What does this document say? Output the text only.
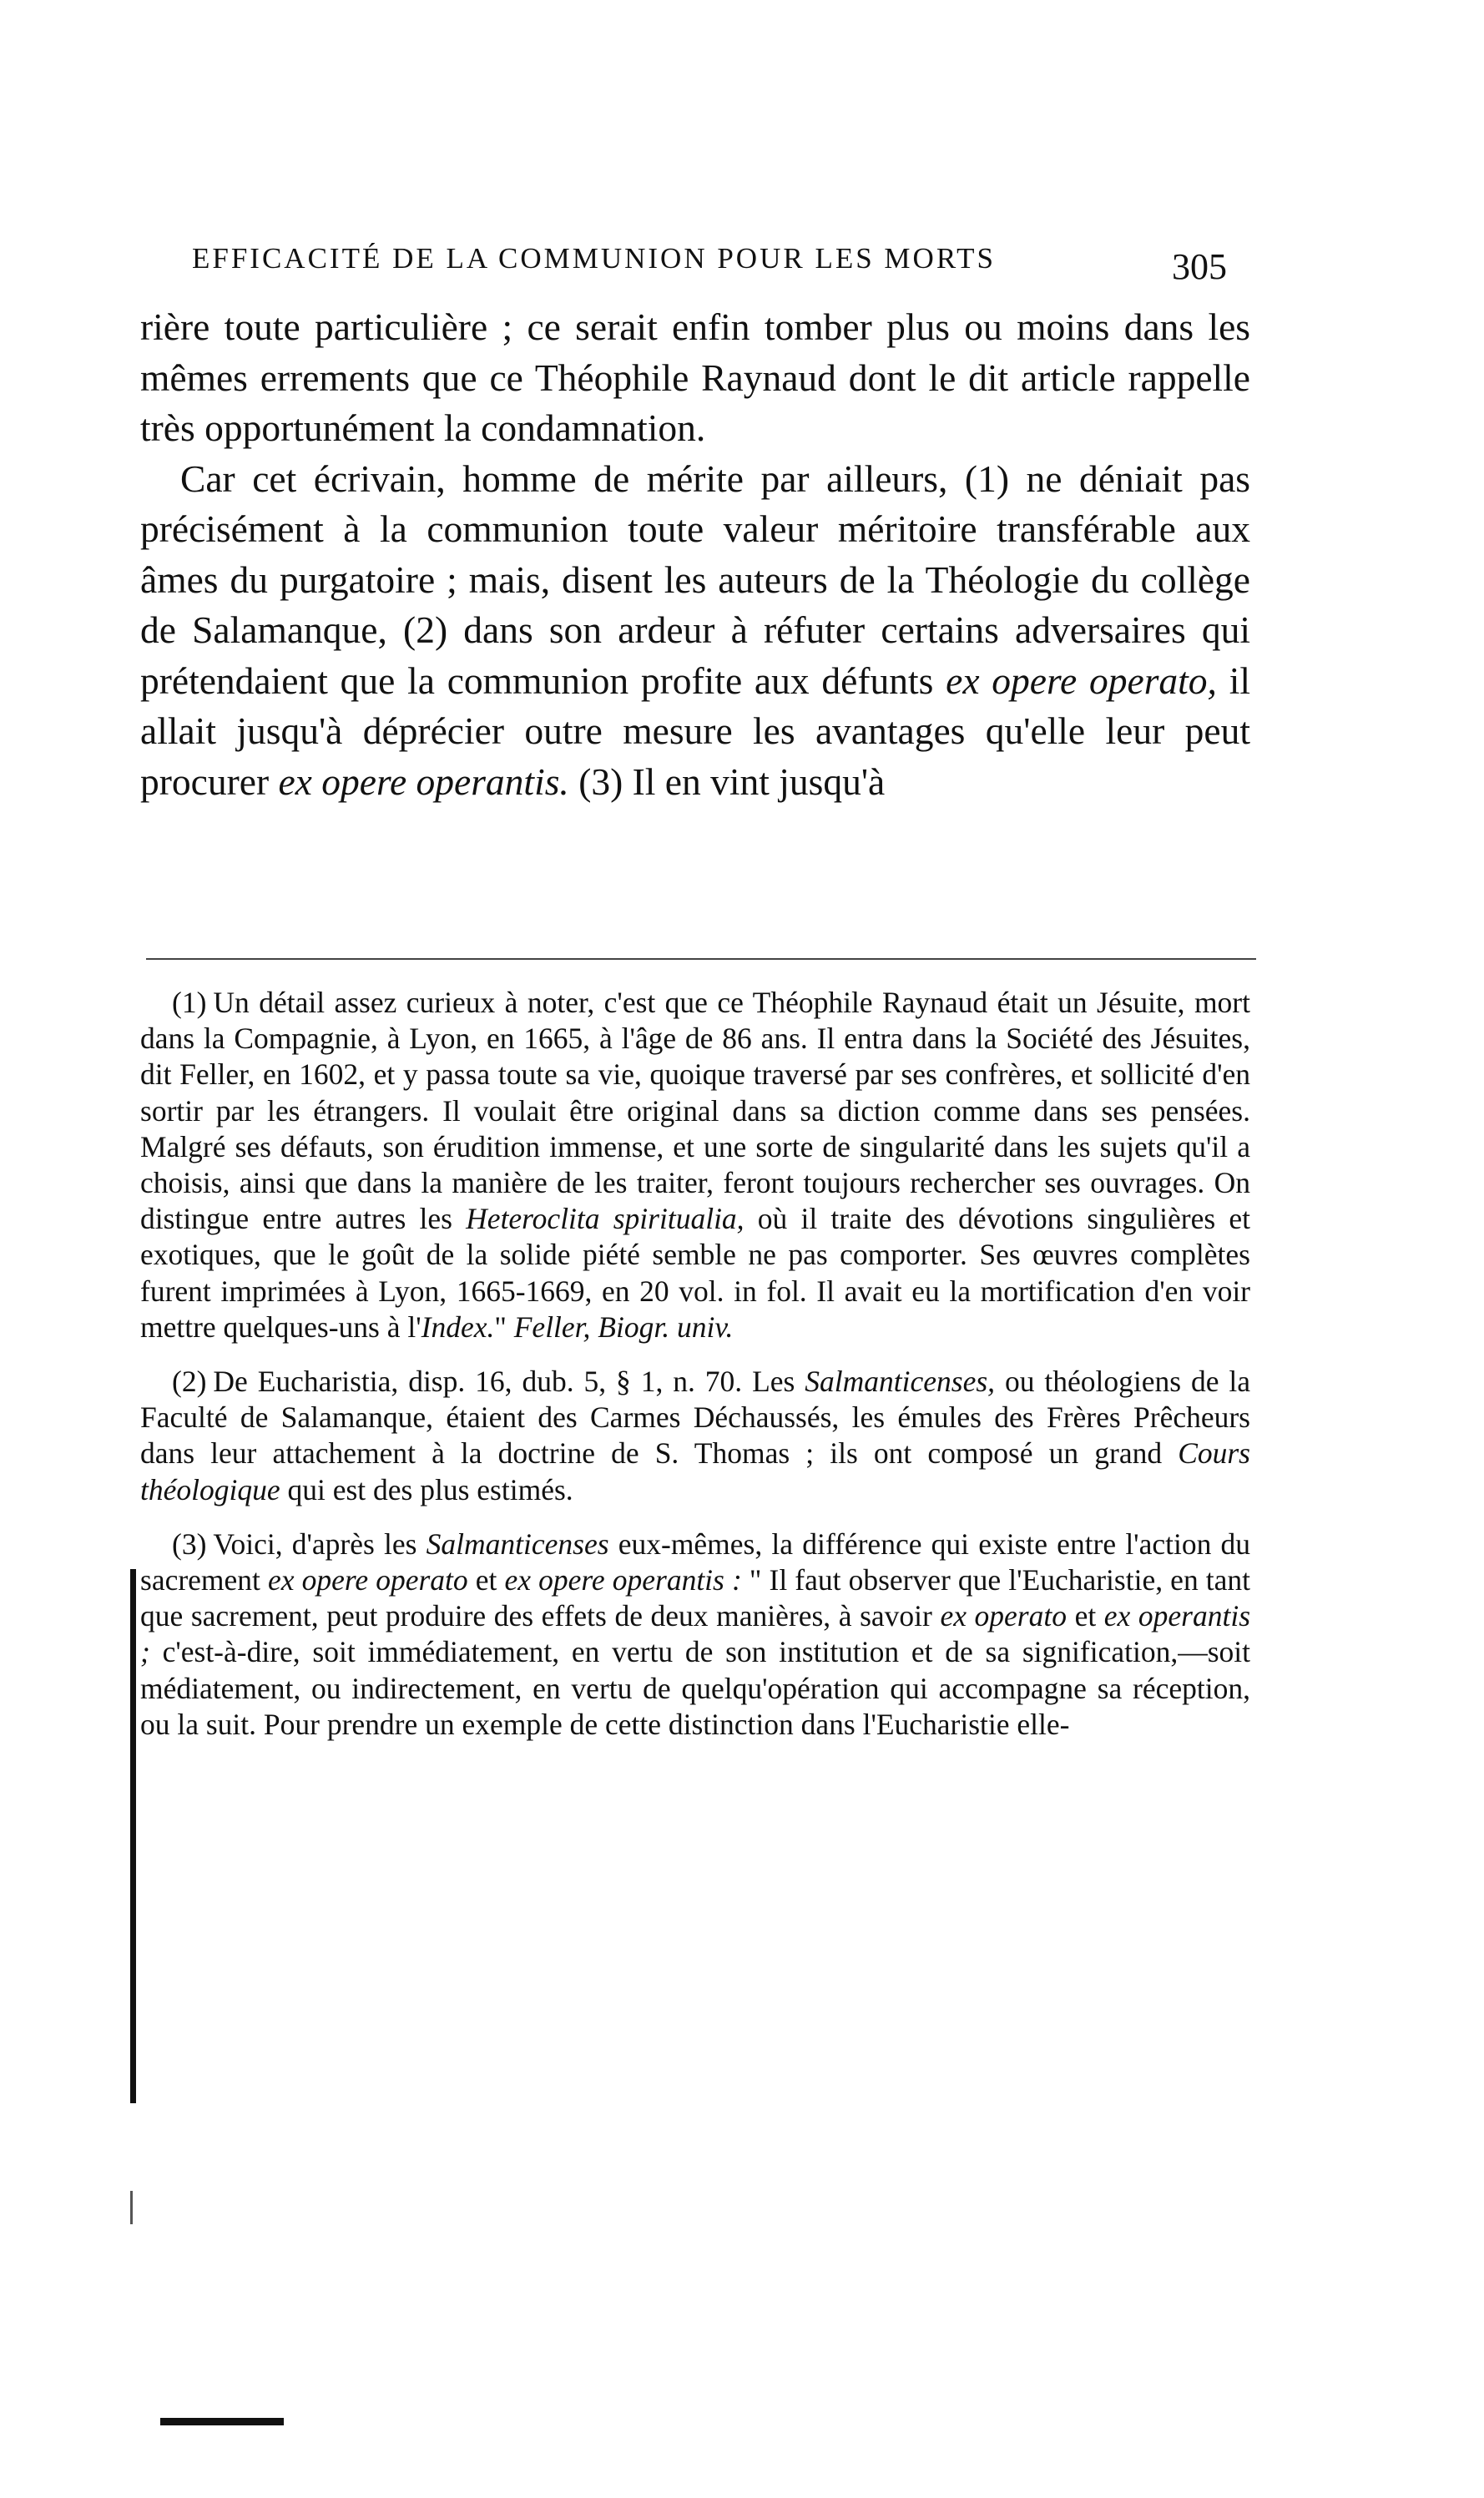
EFFICACITÉ DE LA COMMUNION POUR LES MORTS	305

rière toute particulière ; ce serait enfin tomber plus ou moins dans les mêmes errements que ce Théophile Raynaud dont le dit article rappelle très opportunément la condamnation.

Car cet écrivain, homme de mérite par ailleurs, (1) ne déniait pas précisément à la communion toute valeur méritoire transférable aux âmes du purgatoire ; mais, disent les auteurs de la Théologie du collège de Salamanque, (2) dans son ardeur à réfuter certains adversaires qui prétendaient que la communion profite aux défunts ex opere operato, il allait jusqu'à déprécier outre mesure les avantages qu'elle leur peut procurer ex opere operantis. (3) Il en vint jusqu'à

(1) Un détail assez curieux à noter, c'est que ce Théophile Raynaud était un Jésuite, mort dans la Compagnie, à Lyon, en 1665, à l'âge de 86 ans. Il entra dans la Société des Jésuites, dit Feller, en 1602, et y passa toute sa vie, quoique traversé par ses confrères, et sollicité d'en sortir par les étrangers. Il voulait être original dans sa diction comme dans ses pensées. Malgré ses défauts, son érudition immense, et une sorte de singularité dans les sujets qu'il a choisis, ainsi que dans la manière de les traiter, feront toujours rechercher ses ouvrages. On distingue entre autres les Heteroclita spiritualia, où il traite des dévotions singulières et exotiques, que le goût de la solide piété semble ne pas comporter. Ses œuvres complètes furent imprimées à Lyon, 1665-1669, en 20 vol. in fol. Il avait eu la mortification d'en voir mettre quelques-uns à l'Index." Feller, Biogr. univ.

(2) De Eucharistia, disp. 16, dub. 5, § 1, n. 70. Les Salmanticenses, ou théologiens de la Faculté de Salamanque, étaient des Carmes Déchaussés, les émules des Frères Prêcheurs dans leur attachement à la doctrine de S. Thomas ; ils ont composé un grand Cours théologique qui est des plus estimés.

(3) Voici, d'après les Salmanticenses eux-mêmes, la différence qui existe entre l'action du sacrement ex opere operato et ex opere operantis : " Il faut observer que l'Eucharistie, en tant que sacrement, peut produire des effets de deux manières, à savoir ex operato et ex operantis ; c'est-à-dire, soit immédiatement, en vertu de son institution et de sa signification,—soit médiatement, ou indirectement, en vertu de quelqu'opération qui accompagne sa réception, ou la suit. Pour prendre un exemple de cette distinction dans l'Eucharistie elle-
